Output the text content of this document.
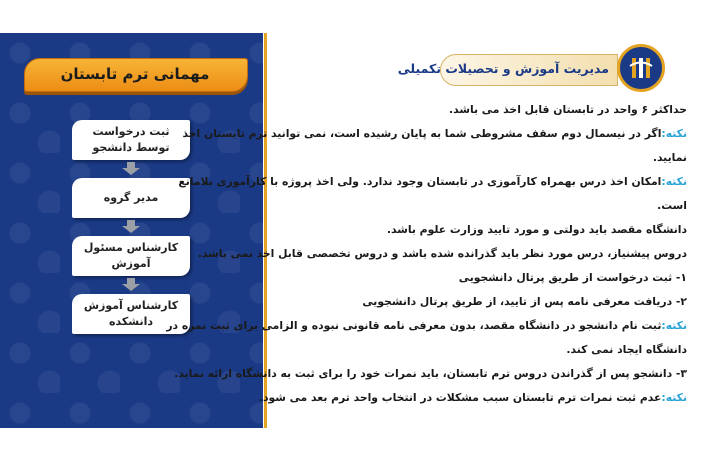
مهمانی ترم تابستان
ثبت درخواست
توسط دانشجو
مدیر گروه
کارشناس مسئول آموزش
کارشناس آموزش دانشکده
مدیریت آموزش و تحصیلات تکمیلی
حداکثر ۶ واحد در تابستان قابل اخذ می باشد.
نکته:اگر در نیسمال دوم سقف مشروطی شما به پایان رشیده است، نمی توانید ترم تابستان اخذ
نمایید.
نکته:امکان اخذ درس بهمراه کارآموزی در تابستان وجود ندارد. ولی اخذ پروژه با کارآموزی بلامانع
است.
دانشگاه مقصد باید دولتی و مورد تایید وزارت علوم باشد.
دروس پیشنیاز، درس مورد نظر باید گذرانده شده باشد و دروس تخصصی قابل اخذ نمی باشد.
۱- ثبت درخواست از طریق پرتال دانشجویی
۲- دریافت معرفی نامه پس از تایید، از طریق پرتال دانشجویی
نکته:ثبت نام دانشجو در دانشگاه مقصد، بدون معرفی نامه قانونی نبوده و الزامی برای ثبت نمره در
دانشگاه ایجاد نمی کند.
۳- دانشجو پس از گذراندن دروس ترم تابستان، باید نمرات خود را برای ثبت به دانشگاه ارائه نماید.
نکته:عدم ثبت نمرات ترم تابستان سبب مشکلات در انتخاب واحد ترم بعد می شود.
